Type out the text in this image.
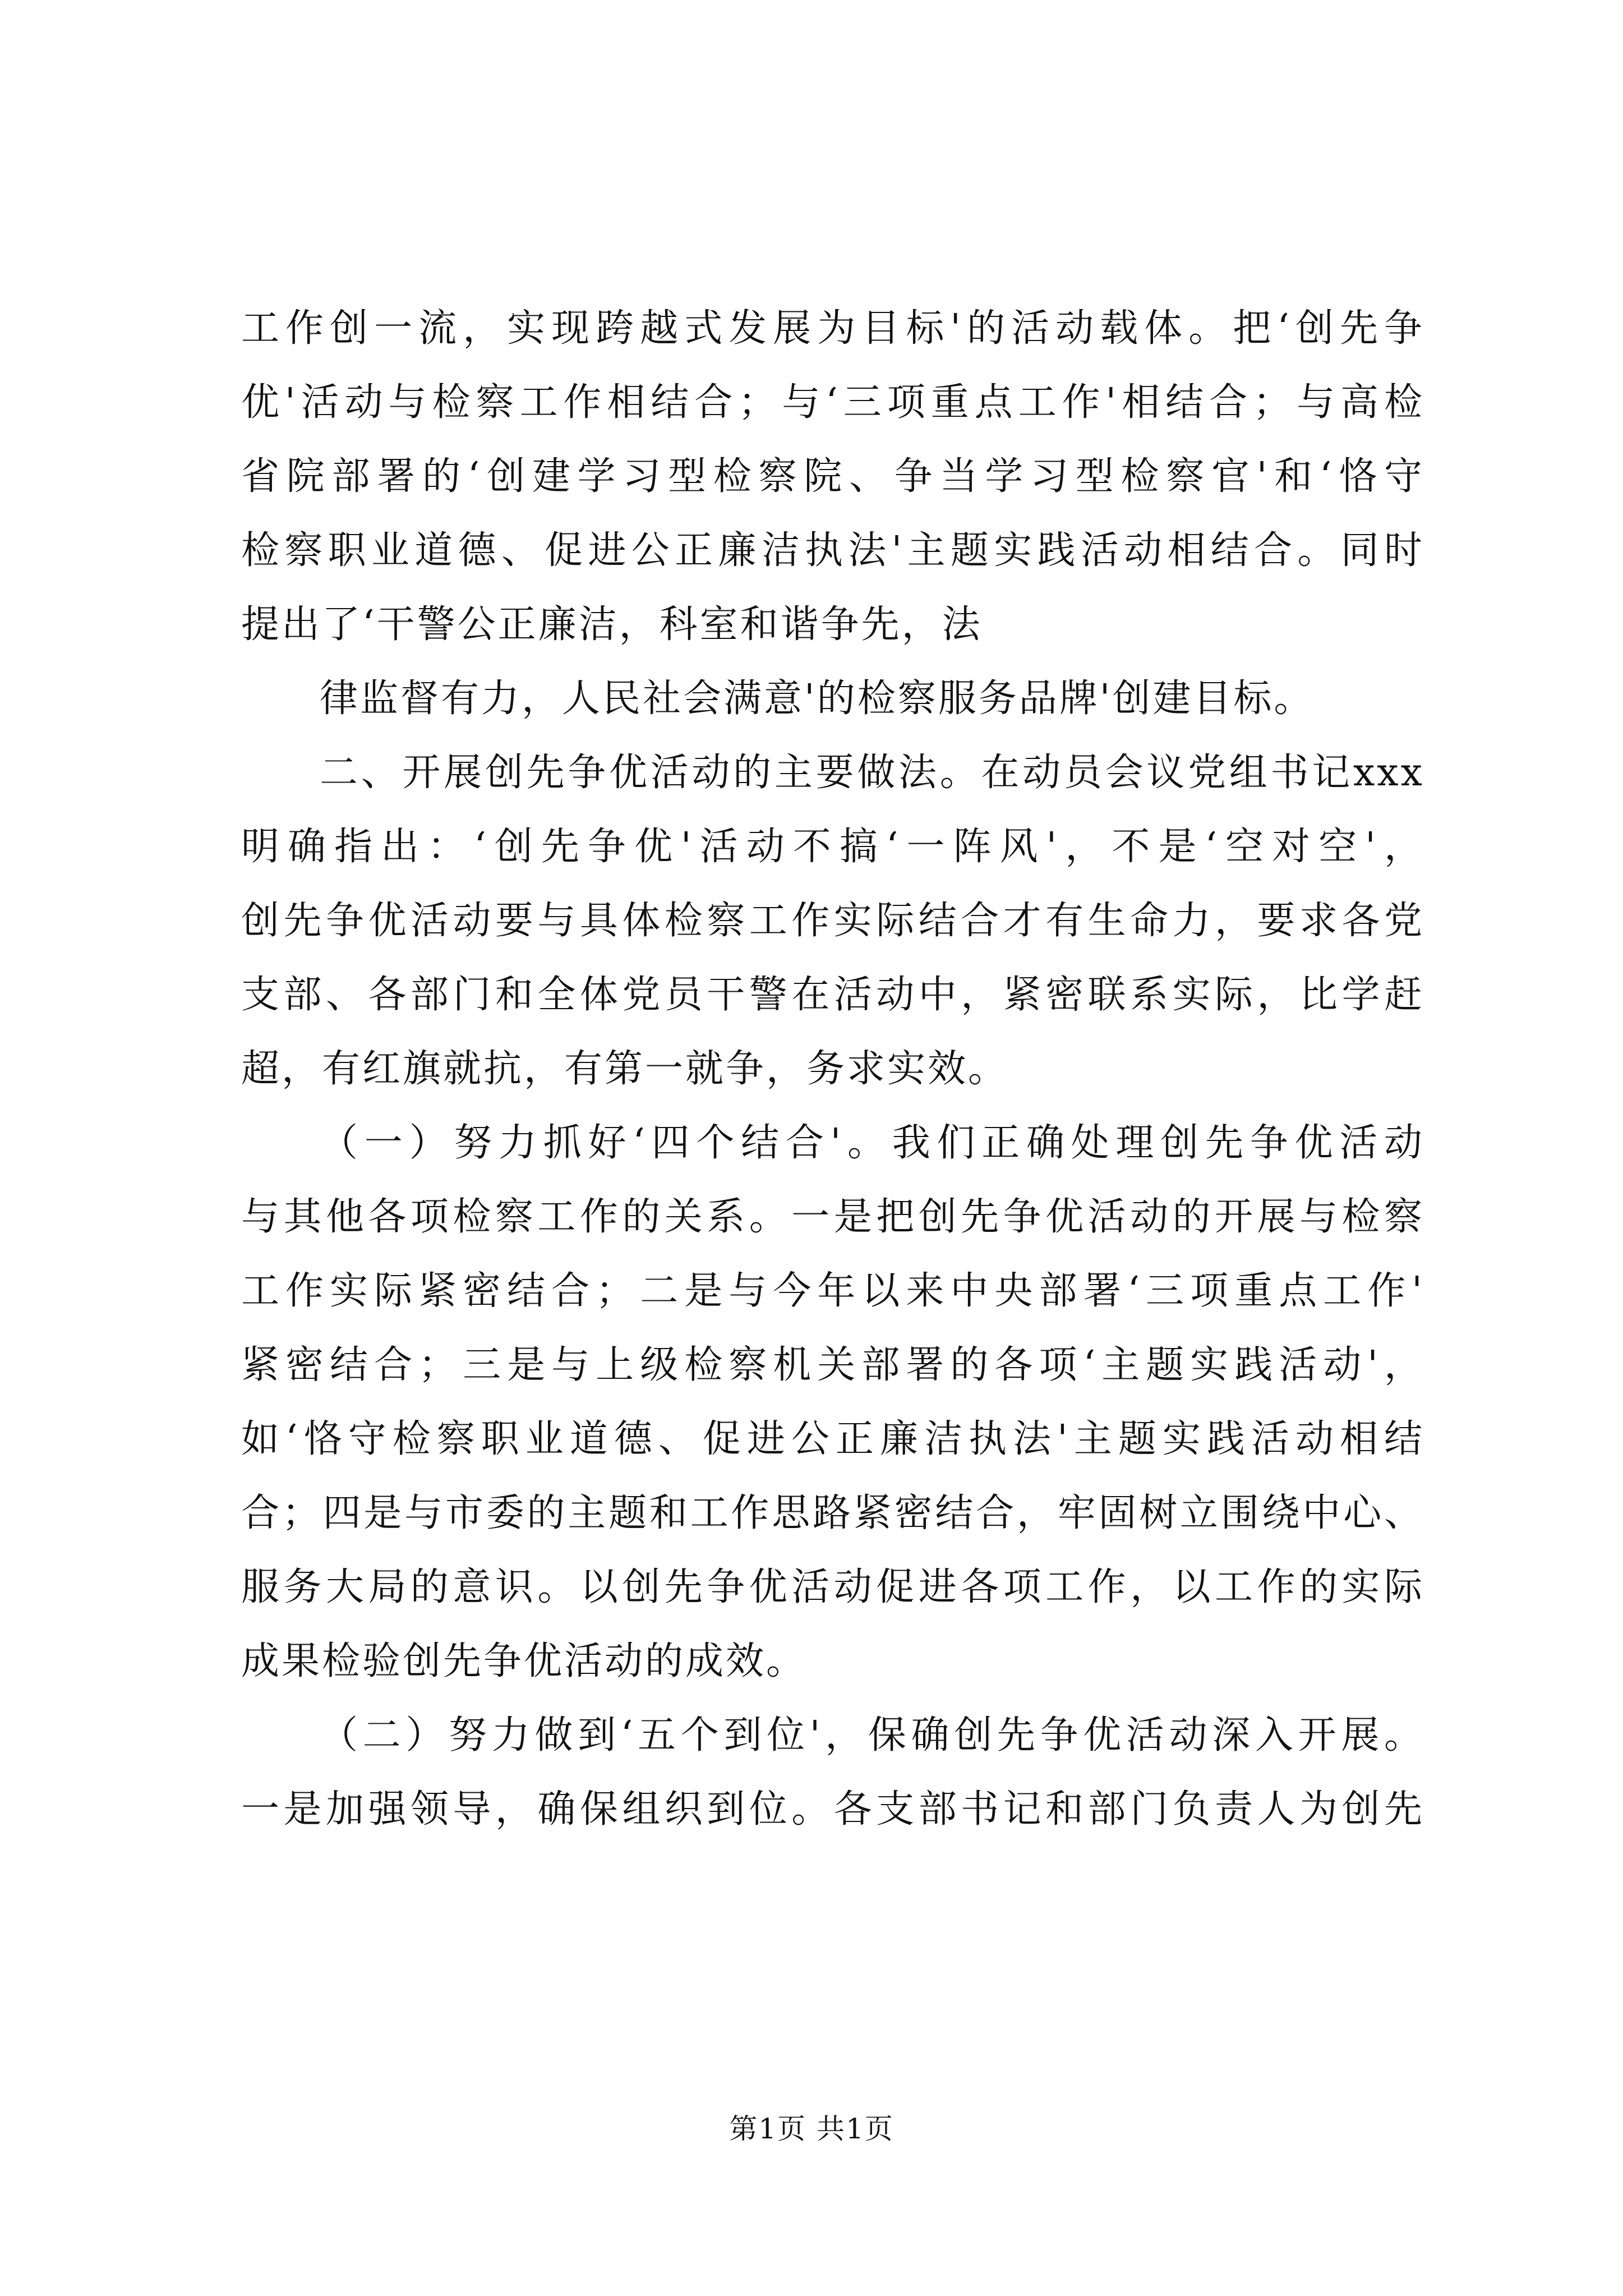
工作创一流，实现跨越式发展为目标'的活动载体。把‘创先争
优'活动与检察工作相结合；与‘三项重点工作'相结合；与高检
省院部署的‘创建学习型检察院、争当学习型检察官'和‘恪守
检察职业道德、促进公正廉洁执法'主题实践活动相结合。同时
提出了‘干警公正廉洁，科室和谐争先，法
律监督有力，人民社会满意'的检察服务品牌'创建目标。
二、开展创先争优活动的主要做法。在动员会议党组书记xxx
明确指出：‘创先争优'活动不搞‘一阵风'，不是‘空对空'，
创先争优活动要与具体检察工作实际结合才有生命力，要求各党
支部、各部门和全体党员干警在活动中，紧密联系实际，比学赶
超，有红旗就抗，有第一就争，务求实效。
（一）努力抓好‘四个结合'。我们正确处理创先争优活动
与其他各项检察工作的关系。一是把创先争优活动的开展与检察
工作实际紧密结合；二是与今年以来中央部署‘三项重点工作'
紧密结合；三是与上级检察机关部署的各项‘主题实践活动'，
如‘恪守检察职业道德、促进公正廉洁执法'主题实践活动相结
合；四是与市委的主题和工作思路紧密结合，牢固树立围绕中心、
服务大局的意识。以创先争优活动促进各项工作，以工作的实际
成果检验创先争优活动的成效。
（二）努力做到‘五个到位'，保确创先争优活动深入开展。
一是加强领导，确保组织到位。各支部书记和部门负责人为创先
第1页 共1页
